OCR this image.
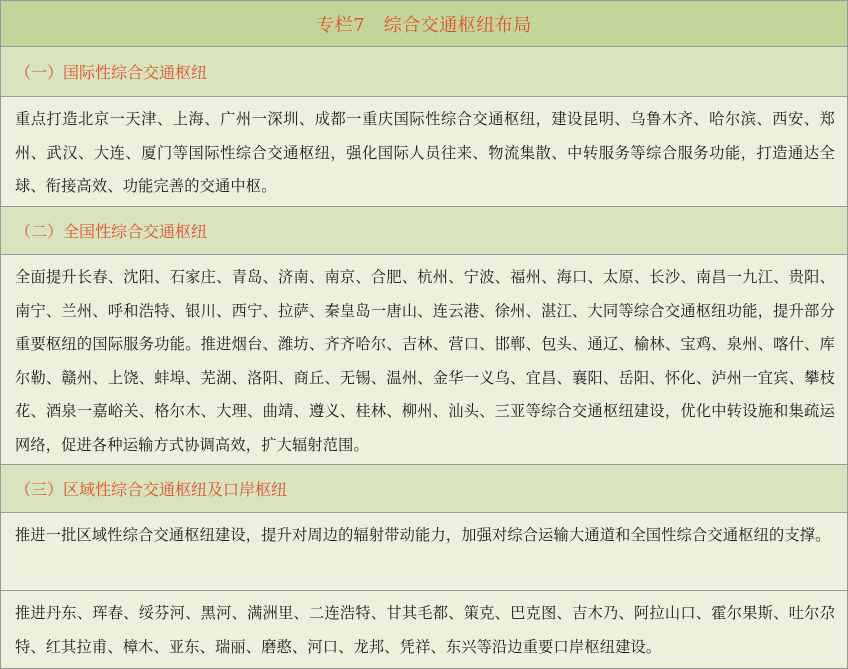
专栏7　综合交通枢纽布局
（一）国际性综合交通枢纽

重点打造北京一天津、上海、广州一深圳、成都一重庆国际性综合交通枢纽，建设昆明、乌鲁木齐、哈尔滨、西安、郑州、武汉、大连、厦门等国际性综合交通枢纽，强化国际人员往来、物流集散、中转服务等综合服务功能，打造通达全球、衔接高效、功能完善的交通中枢。

（二）全国性综合交通枢纽

全面提升长春、沈阳、石家庄、青岛、济南、南京、合肥、杭州、宁波、福州、海口、太原、长沙、南昌一九江、贵阳、南宁、兰州、呼和浩特、银川、西宁、拉萨、秦皇岛一唐山、连云港、徐州、湛江、大同等综合交通枢纽功能，提升部分重要枢纽的国际服务功能。推进烟台、潍坊、齐齐哈尔、吉林、营口、邯郸、包头、通辽、榆林、宝鸡、泉州、喀什、库尔勒、赣州、上饶、蚌埠、芜湖、洛阳、商丘、无锡、温州、金华一义乌、宜昌、襄阳、岳阳、怀化、泸州一宜宾、攀枝花、酒泉一嘉峪关、格尔木、大理、曲靖、遵义、桂林、柳州、汕头、三亚等综合交通枢纽建设，优化中转设施和集疏运网络，促进各种运输方式协调高效，扩大辐射范围。

（三）区域性综合交通枢纽及口岸枢纽

推进一批区域性综合交通枢纽建设，提升对周边的辐射带动能力，加强对综合运输大通道和全国性综合交通枢纽的支撑。

推进丹东、珲春、绥芬河、黑河、满洲里、二连浩特、甘其毛都、策克、巴克图、吉木乃、阿拉山口、霍尔果斯、吐尔尕特、红其拉甫、樟木、亚东、瑞丽、磨憨、河口、龙邦、凭祥、东兴等沿边重要口岸枢纽建设。
